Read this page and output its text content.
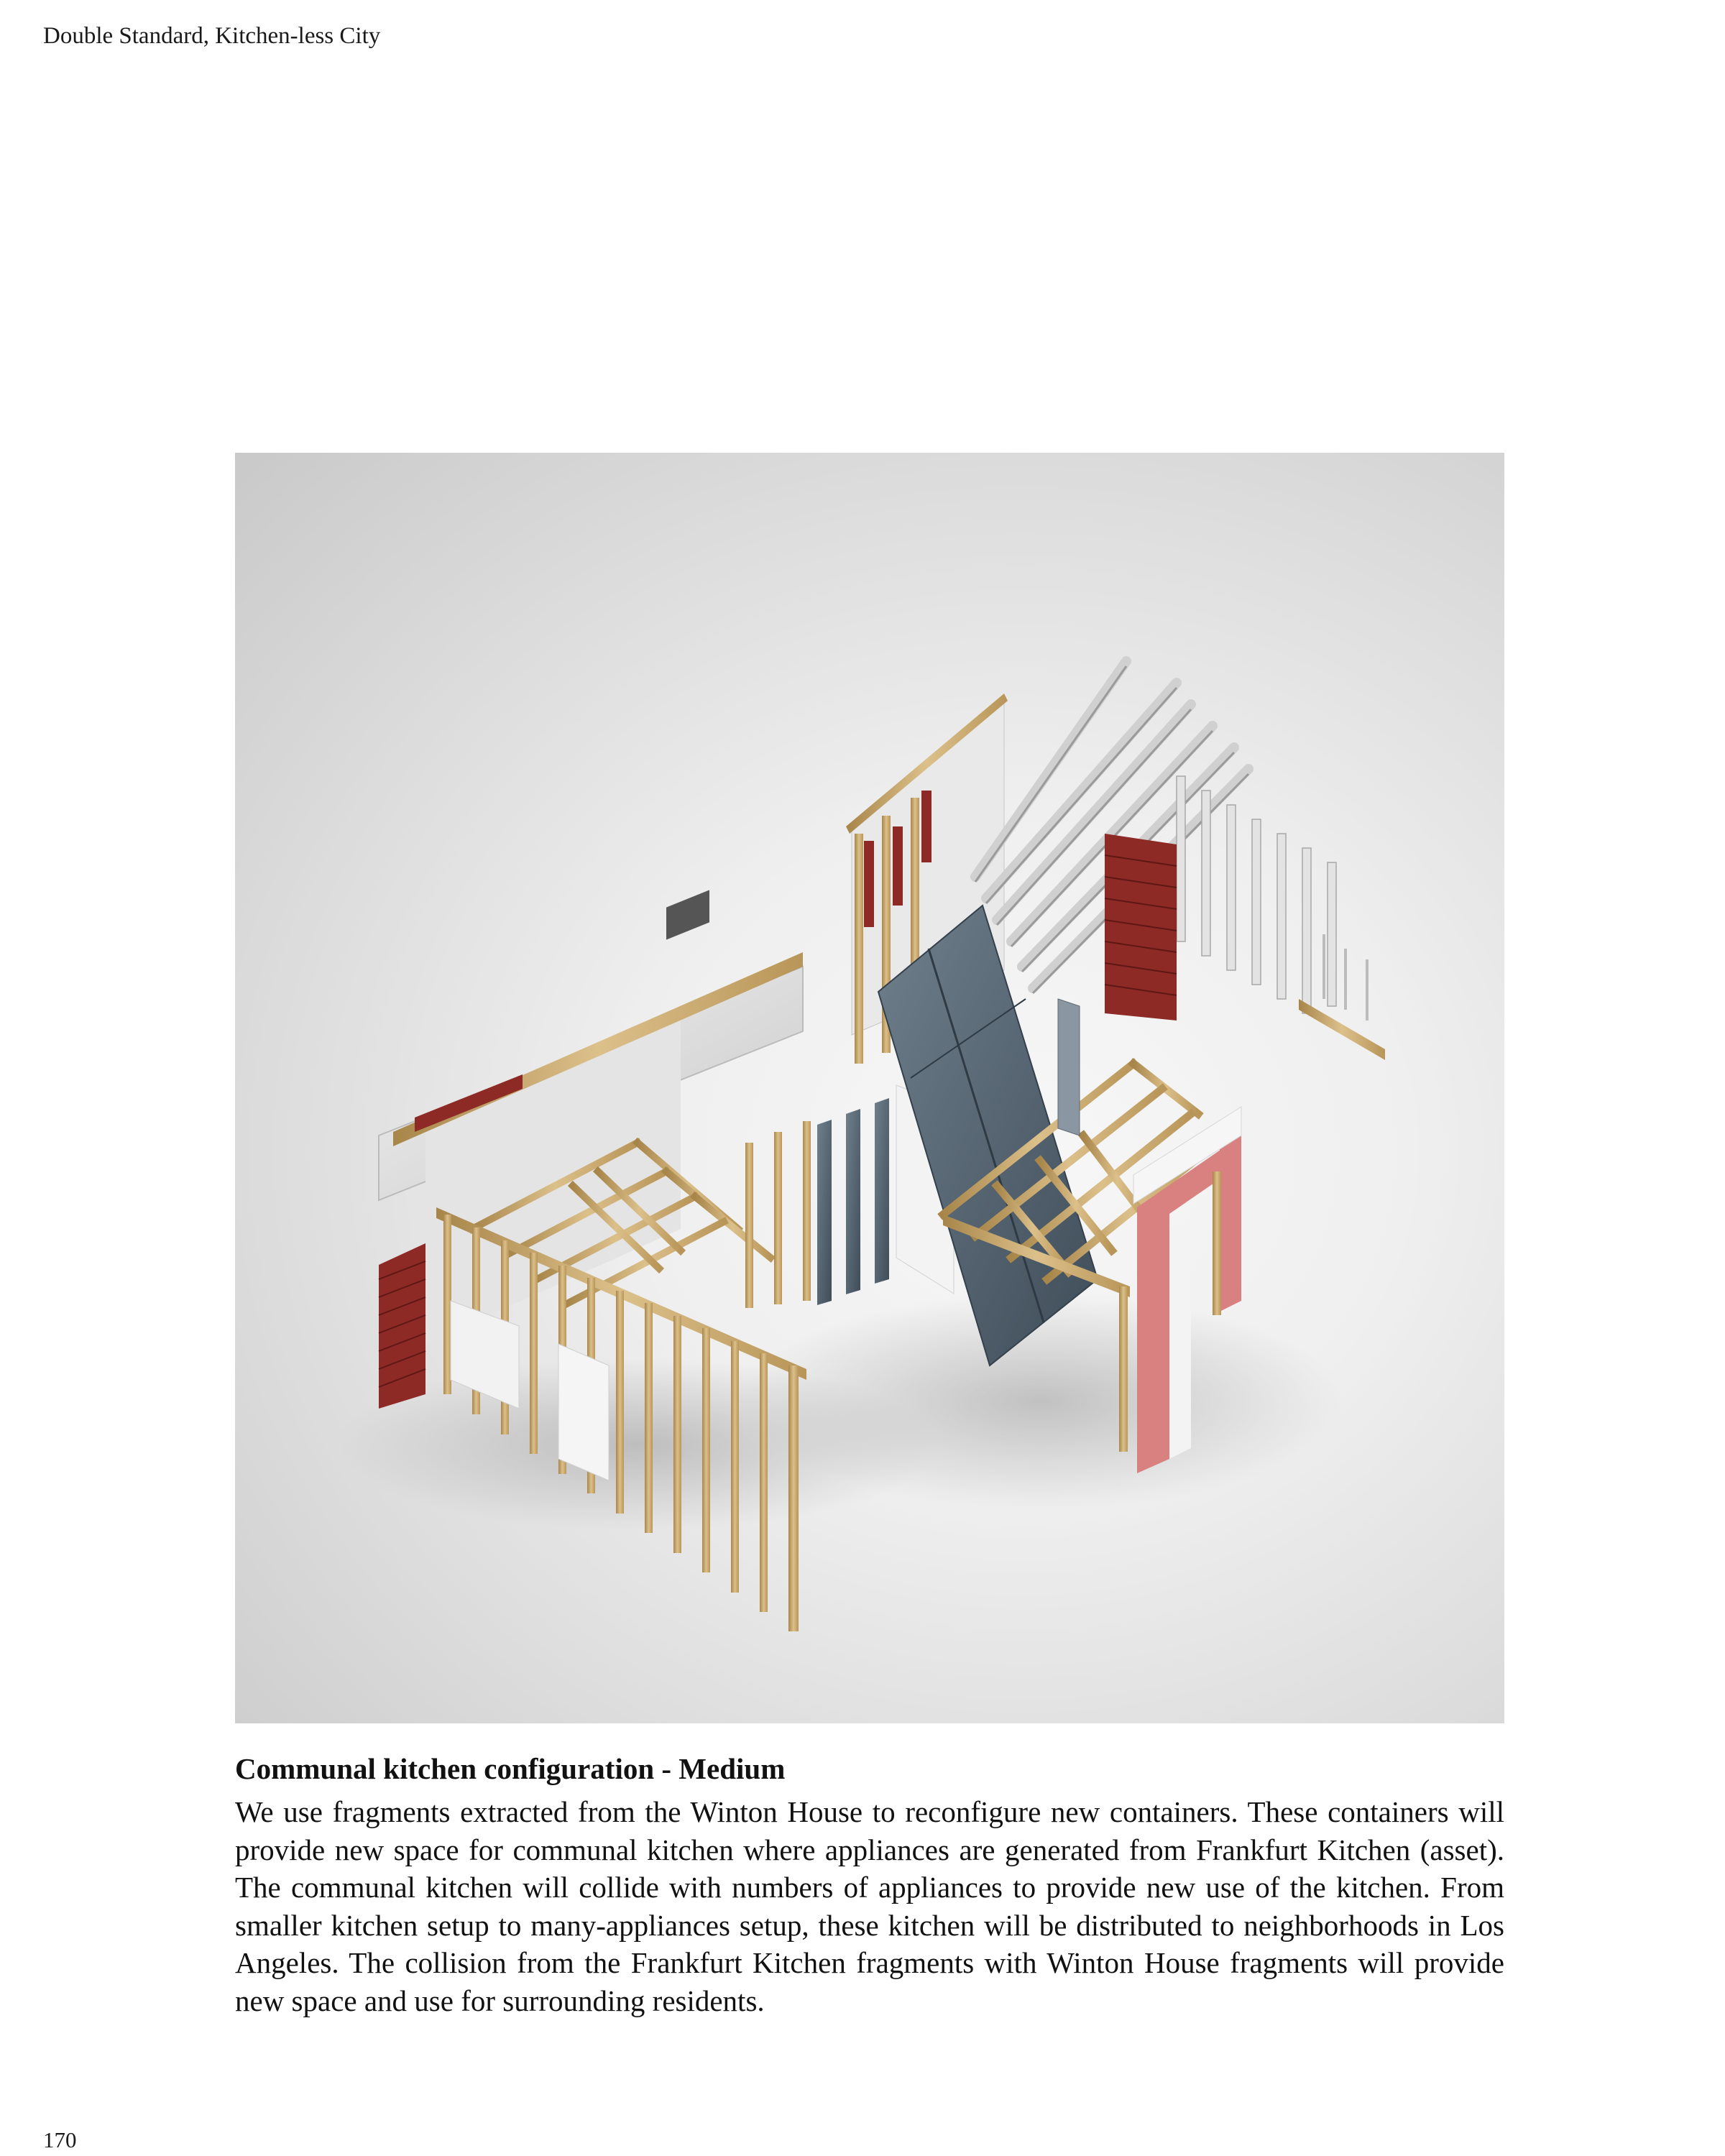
Double Standard, Kitchen-less City
Communal kitchen configuration - Medium

We use fragments extracted from the Winton House to reconfigure new containers. These containers will provide new space for communal kitchen where appliances are generated from Frankfurt Kitchen (asset). The communal kitchen will collide with numbers of appliances to provide new use of the kitchen. From smaller kitchen setup to many-appliances setup, these kitchen will be distributed to neighborhoods in Los Angeles. The collision from the Frankfurt Kitchen fragments with Winton House fragments will provide new space and use for surrounding residents.

170
